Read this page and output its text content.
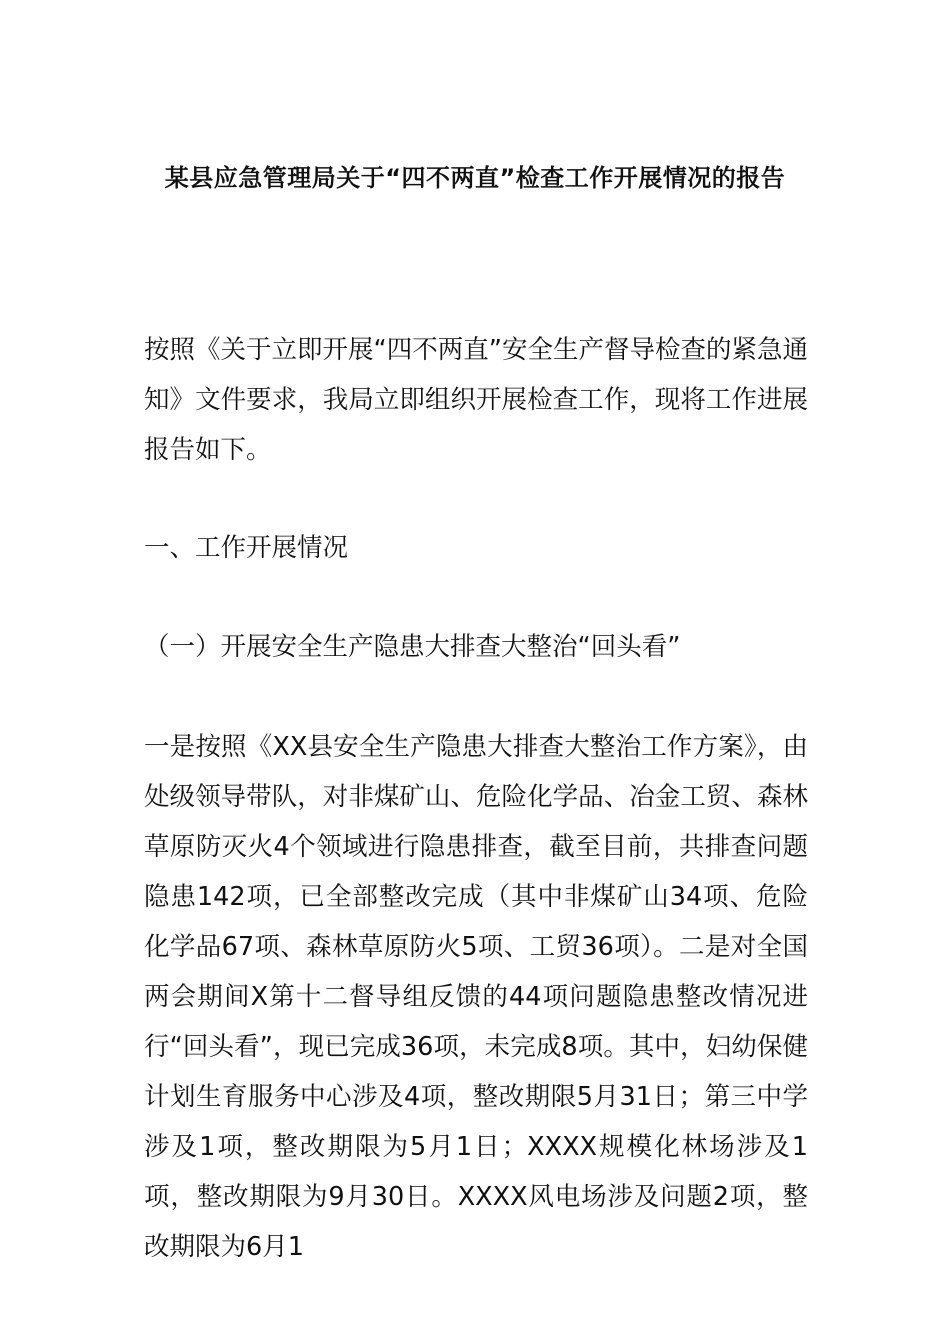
某县应急管理局关于“四不两直”检查工作开展情况的报告

按照《关于立即开展“四不两直”安全生产督导检查的紧急通知》文件要求，我局立即组织开展检查工作，现将工作进展报告如下。

一、工作开展情况

（一）开展安全生产隐患大排查大整治“回头看”

一是按照《XX县安全生产隐患大排查大整治工作方案》，由处级领导带队，对非煤矿山、危险化学品、冶金工贸、森林草原防灭火4个领域进行隐患排查，截至目前，共排查问题隐患142项，已全部整改完成（其中非煤矿山34项、危险化学品67项、森林草原防火5项、工贸36项）。二是对全国两会期间X第十二督导组反馈的44项问题隐患整改情况进行“回头看”，现已完成36项，未完成8项。其中，妇幼保健计划生育服务中心涉及4项，整改期限5月31日；第三中学涉及1项，整改期限为5月1日；XXXX规模化林场涉及1项，整改期限为9月30日。XXXX风电场涉及问题2项，整改期限为6月1
